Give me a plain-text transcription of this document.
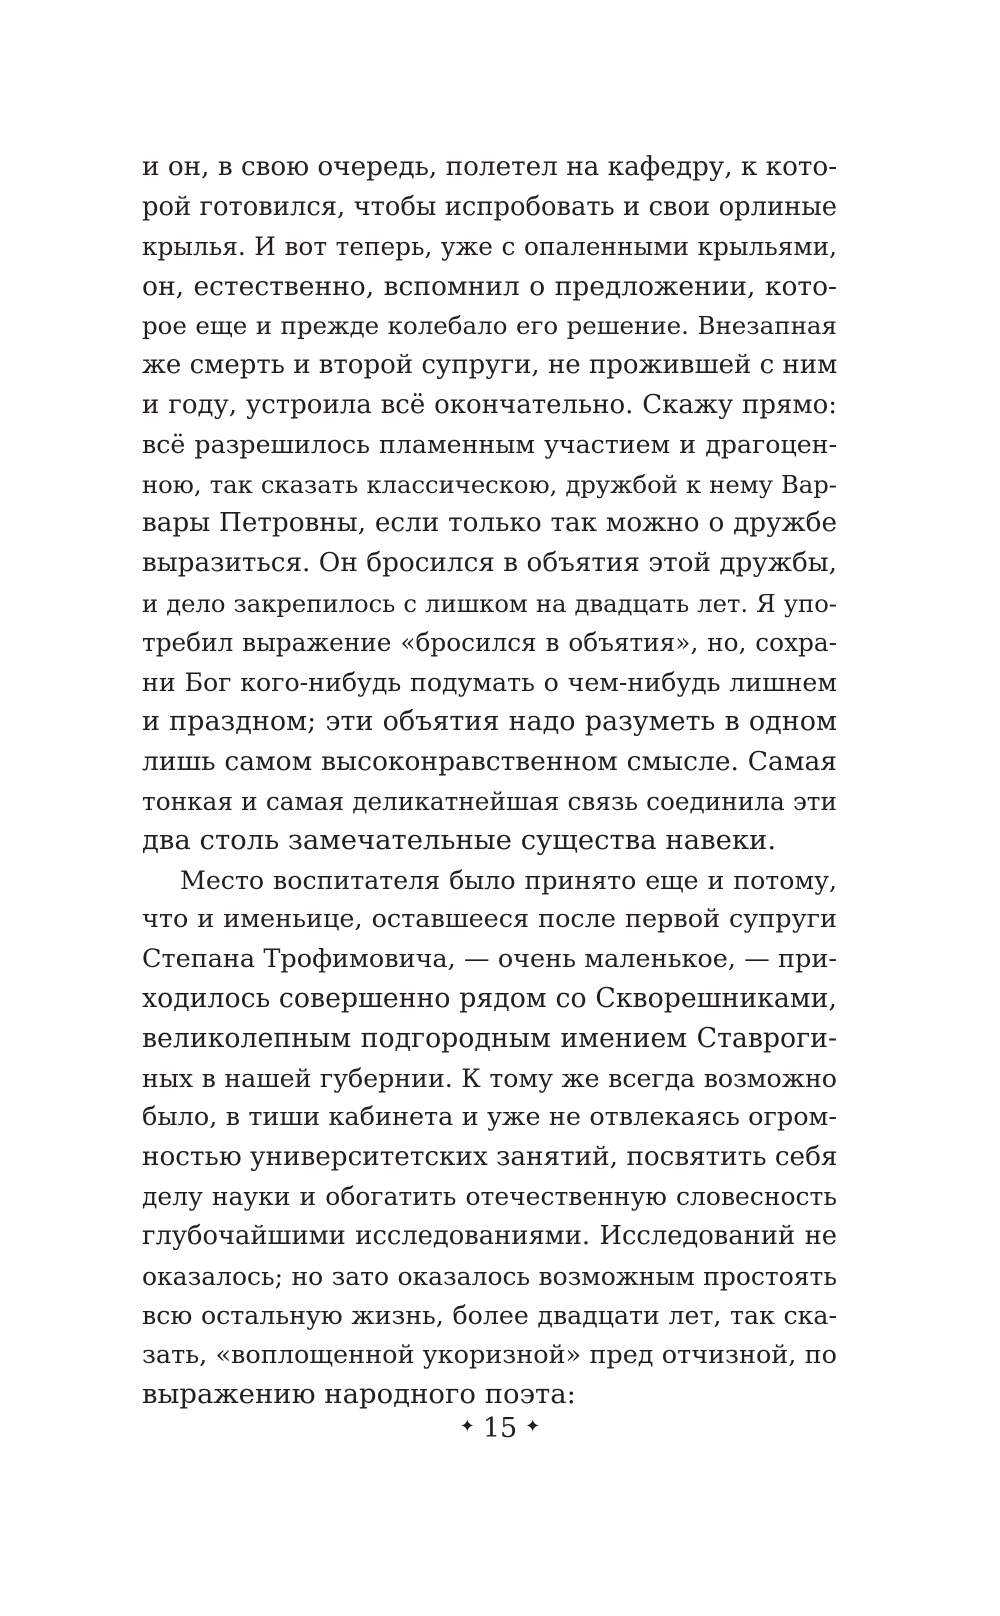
и он, в свою очередь, полетел на кафедру, к кото-
рой готовился, чтобы испробовать и свои орлиные
крылья. И вот теперь, уже с опаленными крыльями,
он, естественно, вспомнил о предложении, кото-
рое еще и прежде колебало его решение. Внезапная
же смерть и второй супруги, не прожившей с ним
и году, устроила всё окончательно. Скажу прямо:
всё разрешилось пламенным участием и драгоцен-
ною, так сказать классическою, дружбой к нему Вар-
вары Петровны, если только так можно о дружбе
выразиться. Он бросился в объятия этой дружбы,
и дело закрепилось с лишком на двадцать лет. Я упо-
требил выражение «бросился в объятия», но, сохра-
ни Бог кого-нибудь подумать о чем-нибудь лишнем
и праздном; эти объятия надо разуметь в одном
лишь самом высоконравственном смысле. Самая
тонкая и самая деликатнейшая связь соединила эти
два столь замечательные существа навеки.
Место воспитателя было принято еще и потому,
что и именьице, оставшееся после первой супруги
Степана Трофимовича, — очень маленькое, — при-
ходилось совершенно рядом со Скворешниками,
великолепным подгородным имением Ставроги-
ных в нашей губернии. К тому же всегда возможно
было, в тиши кабинета и уже не отвлекаясь огром-
ностью университетских занятий, посвятить себя
делу науки и обогатить отечественную словесность
глубочайшими исследованиями. Исследований не
оказалось; но зато оказалось возможным простоять
всю остальную жизнь, более двадцати лет, так ска-
зать, «воплощенной укоризной» пред отчизной, по
выражению народного поэта:
✦ 15 ✦
